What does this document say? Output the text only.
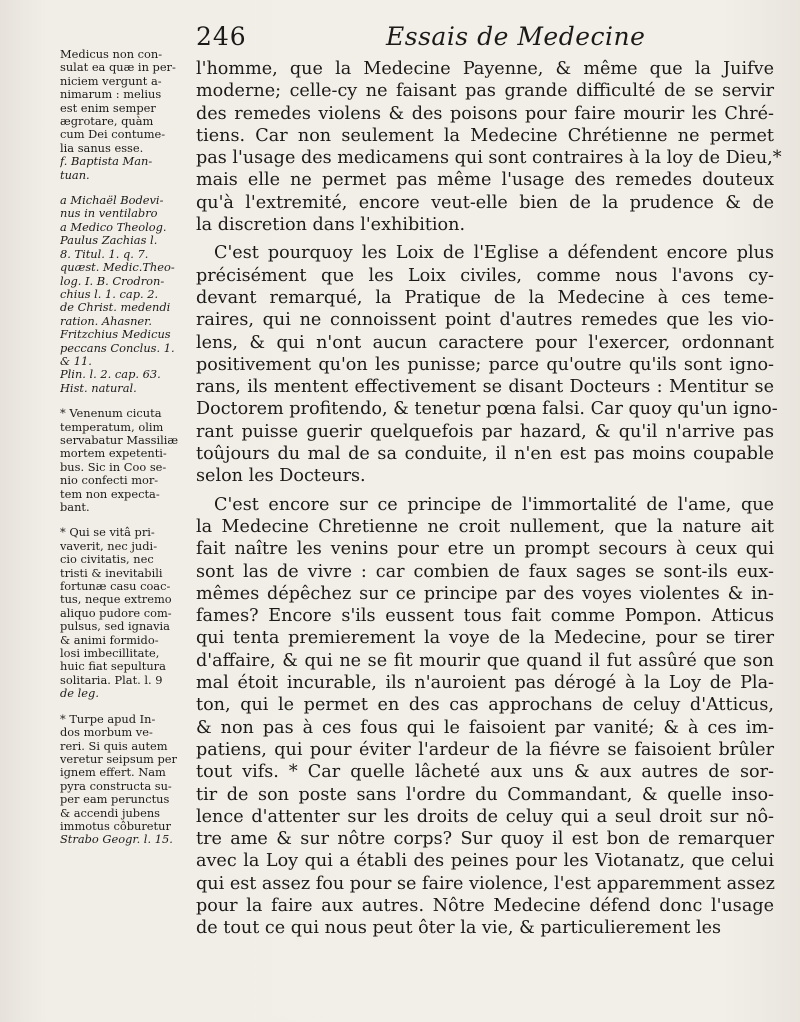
246	Essais de Medecine
Medicus non con-
sulat ea quæ in per-
niciem vergunt a-
nimarum : melius
est enim semper
ægrotare, quàm
cum Dei contume-
lia sanus esse.
f. Baptista Man-
tuan.
a Michaël Bodevi-
nus in ventilabro
a Medico Theolog.
Paulus Zachias l.
8. Titul. 1. q. 7.
quæst. Medic.Theo-
log. I. B. Crodron-
chius l. 1. cap. 2.
de Christ. medendi
ration. Ahasner.
Fritzchius Medicus
peccans Conclus. 1.
& 11.
Plin. l. 2. cap. 63.
Hist. natural.
* Venenum cicuta
temperatum, olim
servabatur Massiliæ
mortem expetenti-
bus. Sic in Coo se-
nio confecti mor-
tem non expecta-
bant.
* Qui se vitâ pri-
vaverit, nec judi-
cio civitatis, nec
tristi & inevitabili
fortunæ casu coac-
tus, neque extremo
aliquo pudore com-
pulsus, sed ignavia
& animi formido-
losi imbecillitate,
huic fiat sepultura
solitaria. Plat. l. 9
de leg.
* Turpe apud In-
dos morbum ve-
reri. Si quis autem
veretur seipsum per
ignem effert. Nam
pyra constructa su-
per eam perunctus
& accendi jubens
immotus côburetur
Strabo Geogr. l. 15.
l'homme, que la Medecine Payenne, & même que la Juifve
moderne; celle-cy ne faisant pas grande difficulté de se servir
des remedes violens & des poisons pour faire mourir les Chré-
tiens. Car non seulement la Medecine Chrétienne ne permet
pas l'usage des medicamens qui sont contraires à la loy de Dieu,*
mais elle ne permet pas même l'usage des remedes douteux
qu'à l'extremité, encore veut-elle bien de la prudence & de
la discretion dans l'exhibition.
C'est pourquoy les Loix de l'Eglise a défendent encore plus
précisément que les Loix civiles, comme nous l'avons cy-
devant remarqué, la Pratique de la Medecine à ces teme-
raires, qui ne connoissent point d'autres remedes que les vio-
lens, & qui n'ont aucun caractere pour l'exercer, ordonnant
positivement qu'on les punisse; parce qu'outre qu'ils sont igno-
rans, ils mentent effectivement se disant Docteurs : Mentitur se
Doctorem profitendo, & tenetur pœna falsi. Car quoy qu'un igno-
rant puisse guerir quelquefois par hazard, & qu'il n'arrive pas
toûjours du mal de sa conduite, il n'en est pas moins coupable
selon les Docteurs.
C'est encore sur ce principe de l'immortalité de l'ame, que
la Medecine Chretienne ne croit nullement, que la nature ait
fait naître les venins pour etre un prompt secours à ceux qui
sont las de vivre : car combien de faux sages se sont-ils eux-
mêmes dépêchez sur ce principe par des voyes violentes & in-
fames? Encore s'ils eussent tous fait comme Pompon. Atticus
qui tenta premierement la voye de la Medecine, pour se tirer
d'affaire, & qui ne se fit mourir que quand il fut assûré que son
mal étoit incurable, ils n'auroient pas dérogé à la Loy de Pla-
ton, qui le permet en des cas approchans de celuy d'Atticus,
& non pas à ces fous qui le faisoient par vanité; & à ces im-
patiens, qui pour éviter l'ardeur de la fiévre se faisoient brûler
tout vifs. * Car quelle lâcheté aux uns & aux autres de sor-
tir de son poste sans l'ordre du Commandant, & quelle inso-
lence d'attenter sur les droits de celuy qui a seul droit sur nô-
tre ame & sur nôtre corps? Sur quoy il est bon de remarquer
avec la Loy qui a établi des peines pour les Viotanatz, que celui
qui est assez fou pour se faire violence, l'est apparemment assez
pour la faire aux autres. Nôtre Medecine défend donc l'usage
de tout ce qui nous peut ôter la vie, & particulierement les
